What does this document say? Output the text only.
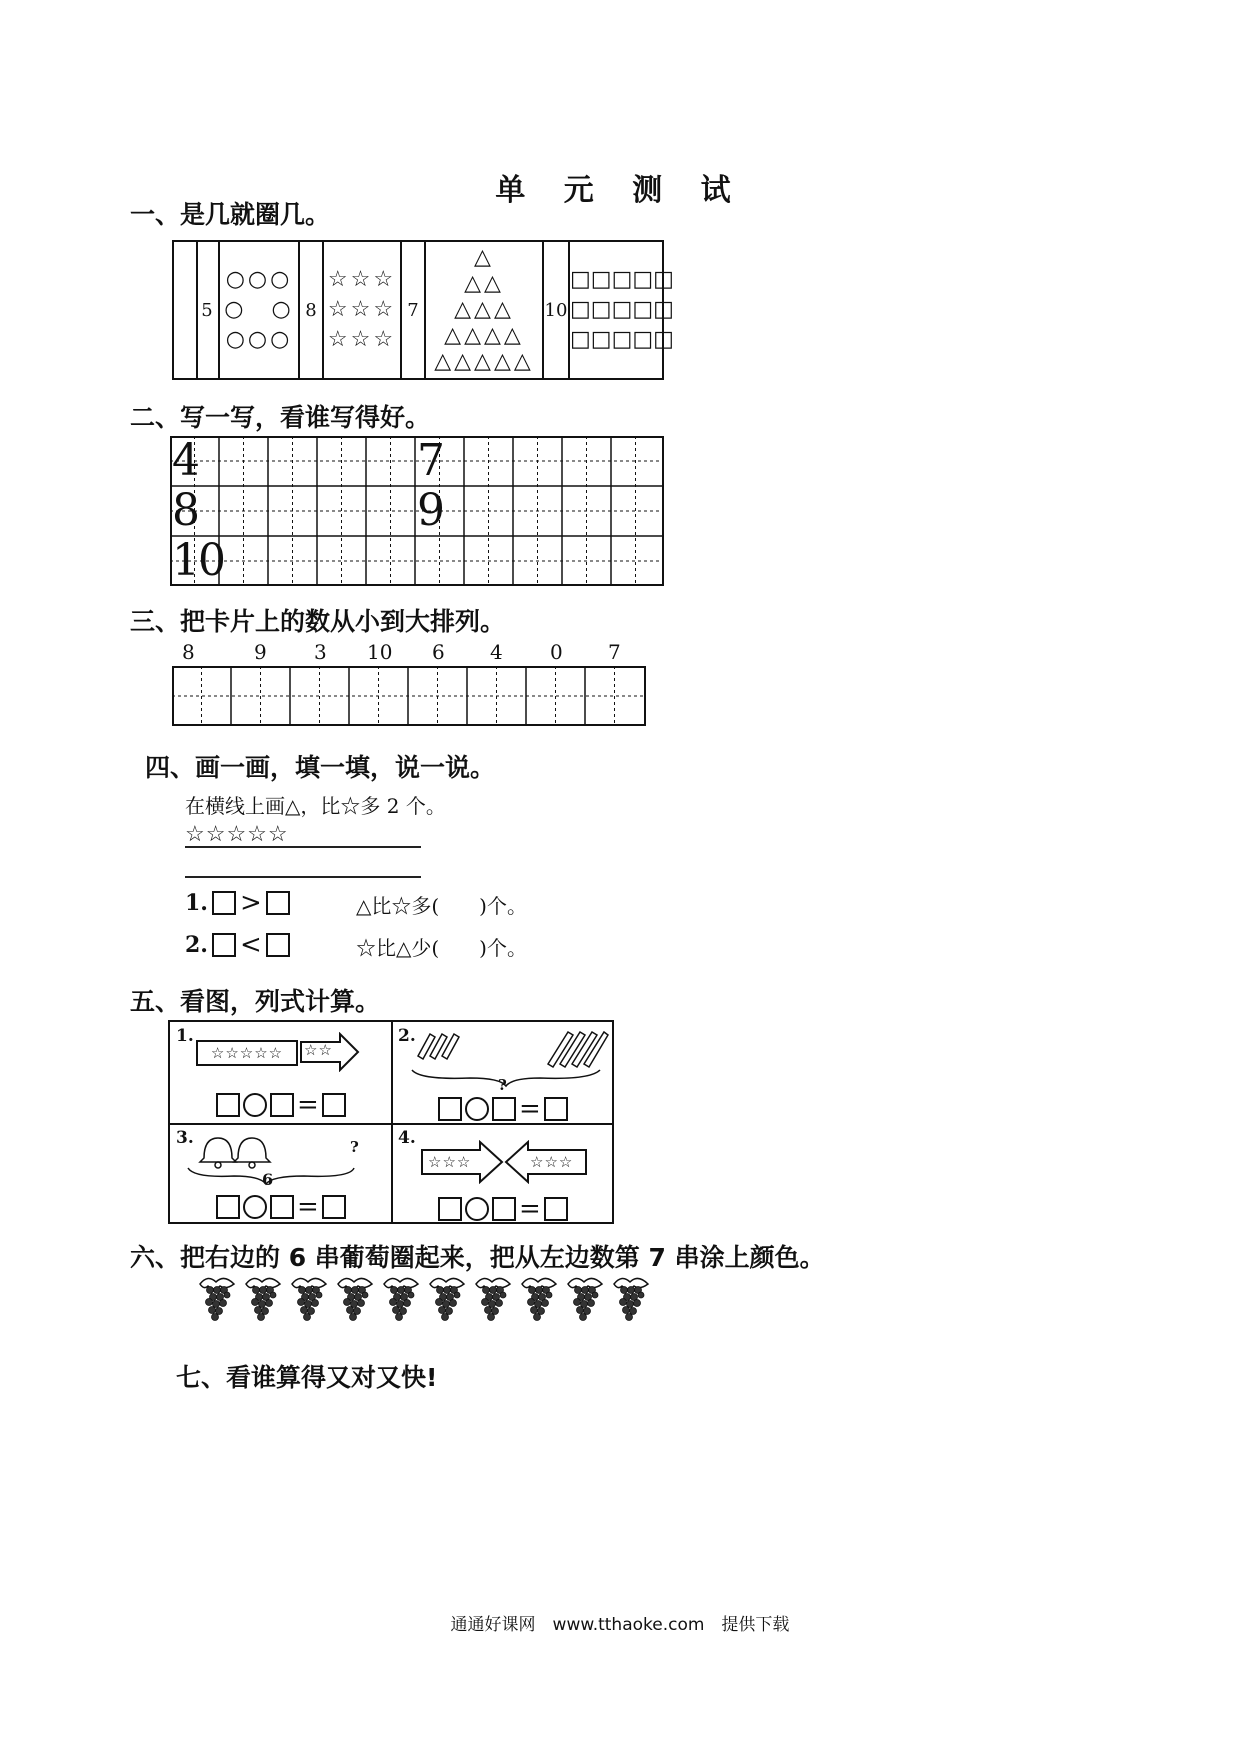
单 元 测 试
一、是几就圈几。
5
○○○
○　○
○○○
8
☆☆☆
☆☆☆
☆☆☆
7
△
△△
△△△
△△△△
△△△△△
10
□□□□□
□□□□□
□□□□□
二、写一写，看谁写得好。
4	7
8	9
10
三、把卡片上的数从小到大排列。
8	9 3 10 6 4 0 7
四、画一画，填一填，说一说。
在横线上画△，比☆多 2 个。
☆☆☆☆☆
1. >	△比☆多(　　)个。
2. <	☆比△少(　　)个。
五、看图，列式计算。
1.
☆☆☆☆☆	☆☆
=
2.
?
=
3.	?
6
=
4.
☆☆☆	☆☆☆
=
六、把右边的 6 串葡萄圈起来，把从左边数第 7 串涂上颜色。
七、看谁算得又对又快!
通通好课网　www.tthaoke.com　提供下载
